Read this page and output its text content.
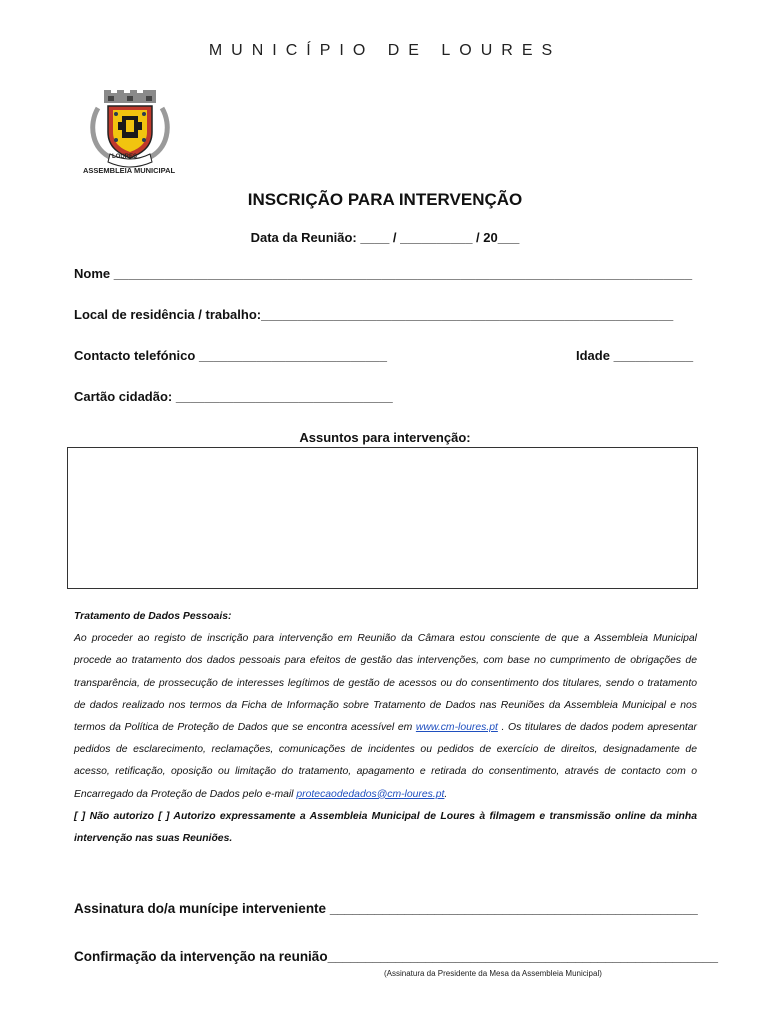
MUNICÍPIO DE LOURES
LOURES
ASSEMBLEIA MUNICIPAL
INSCRIÇÃO PARA INTERVENÇÃO
Data da Reunião: ____ / __________ / 20___
Nome ________________________________________________________________________________
Local de residência / trabalho:_________________________________________________________
Contacto telefónico __________________________	Idade ___________
Cartão cidadão: ______________________________
Assuntos para intervenção:
Tratamento de Dados Pessoais:
Ao proceder ao registo de inscrição para intervenção em Reunião da Câmara estou consciente de que a Assembleia Municipal procede ao tratamento dos dados pessoais para efeitos de gestão das intervenções, com base no cumprimento de obrigações de transparência, de prossecução de interesses legítimos de gestão de acessos ou do consentimento dos titulares, sendo o tratamento de dados realizado nos termos da Ficha de Informação sobre Tratamento de Dados nas Reuniões da Assembleia Municipal e nos termos da Política de Proteção de Dados que se encontra acessível em www.cm-loures.pt . Os titulares de dados podem apresentar pedidos de esclarecimento, reclamações, comunicações de incidentes ou pedidos de exercício de direitos, designadamente de acesso, retificação, oposição ou limitação do tratamento, apagamento e retirada do consentimento, através de contacto com o Encarregado da Proteção de Dados pelo e-mail protecaodedados@cm-loures.pt.
[ ] Não autorizo [ ] Autorizo expressamente a Assembleia Municipal de Loures à filmagem e transmissão online da minha intervenção nas suas Reuniões.
Assinatura do/a munícipe interveniente _________________________________________________
Confirmação da intervenção na reunião____________________________________________________
(Assinatura da Presidente da Mesa da Assembleia Municipal)
